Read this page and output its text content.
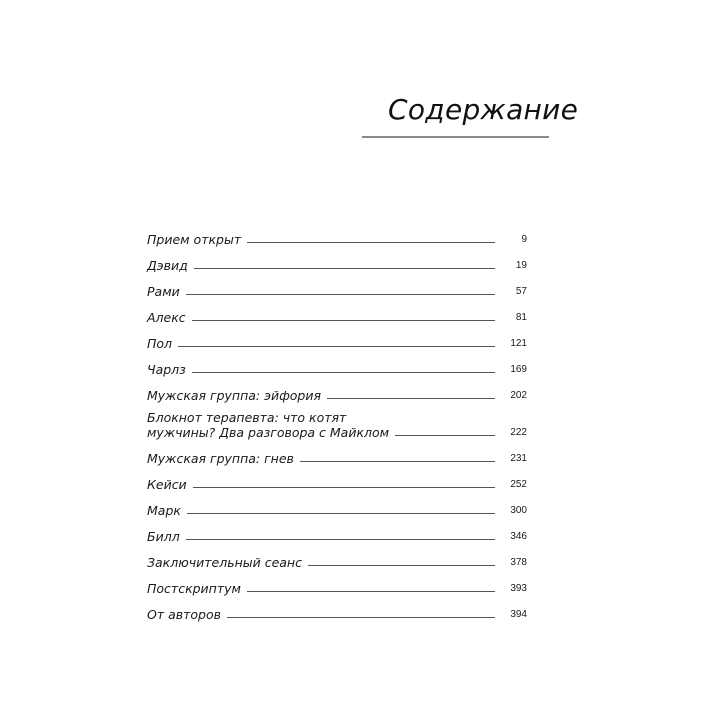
Содержание
Прием открыт	9
Дэвид	19
Рами	57
Алекс	81
Пол	121
Чарлз	169
Мужская группа: эйфория	202
Блокнот терапевта: что котят
мужчины? Два разговора с Майклом	222
Мужская группа: гнев	231
Кейси	252
Марк	300
Билл	346
Заключительный сеанс	378
Постскриптум	393
От авторов	394
